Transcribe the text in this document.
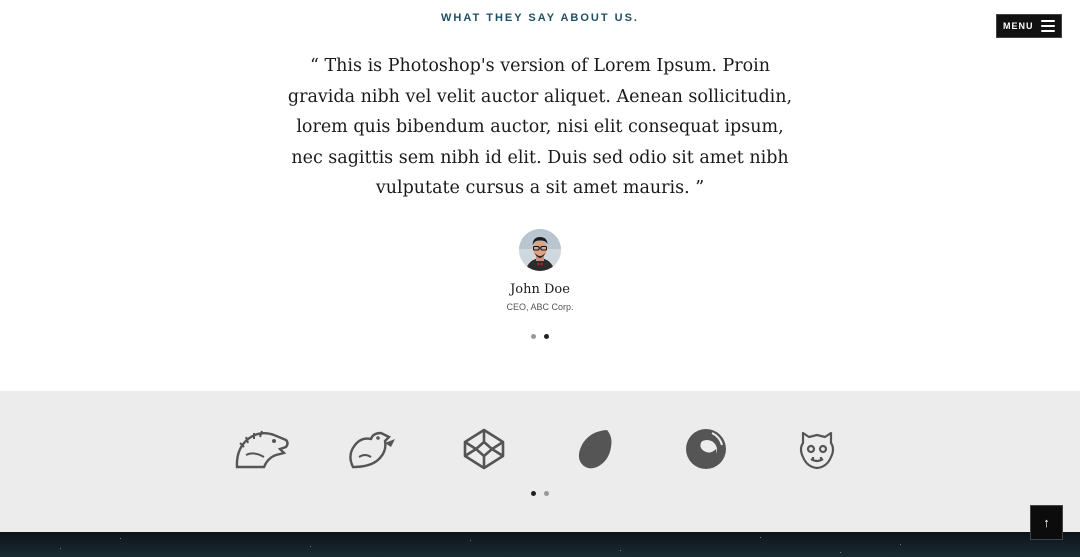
WHAT THEY SAY ABOUT US.
MENU
“ This is Photoshop's version of Lorem Ipsum. Proin gravida nibh vel velit auctor aliquet. Aenean sollicitudin, lorem quis bibendum auctor, nisi elit consequat ipsum, nec sagittis sem nibh id elit. Duis sed odio sit amet nibh vulputate cursus a sit amet mauris. ”
John Doe
CEO, ABC Corp.
↑
